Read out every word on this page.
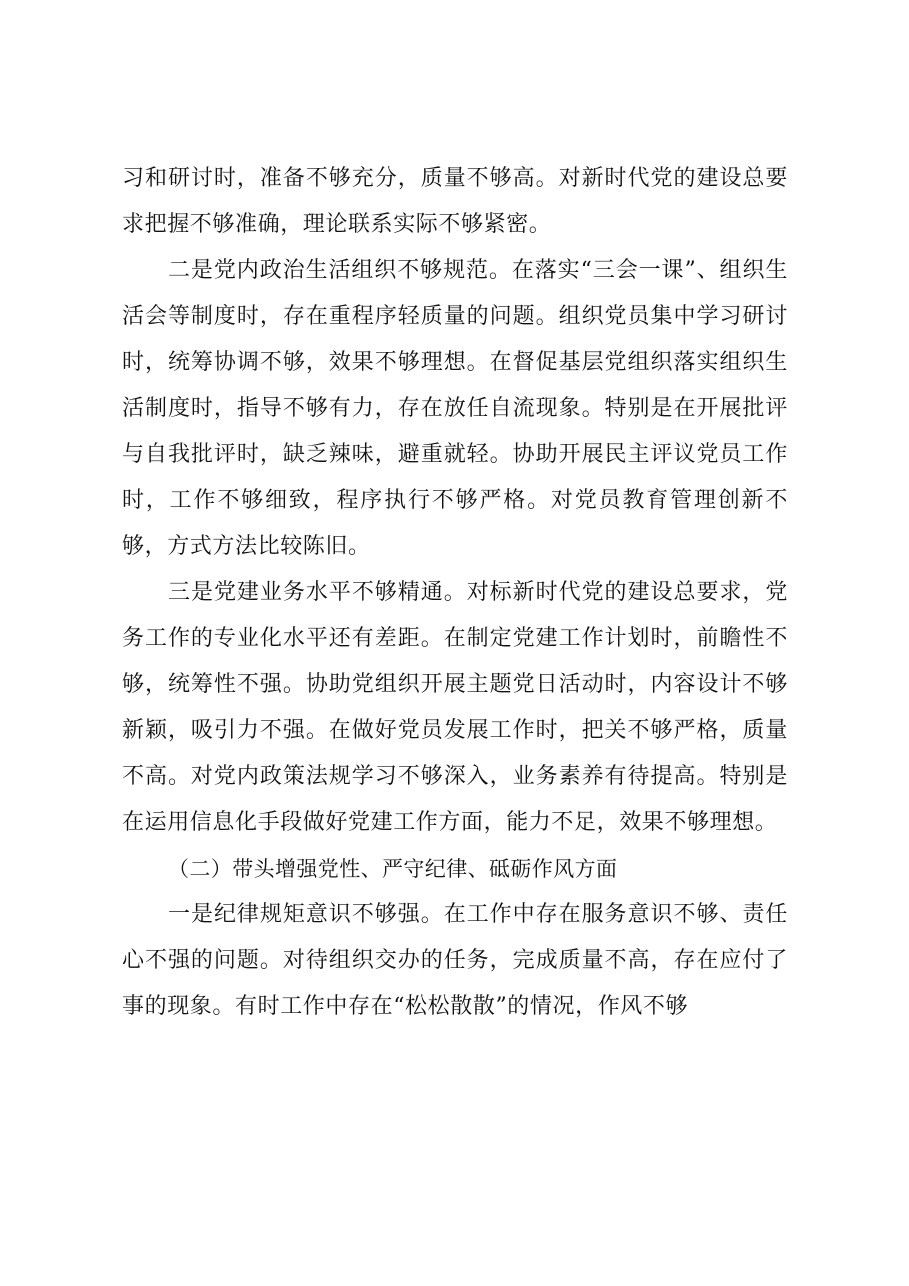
习和研讨时，准备不够充分，质量不够高。对新时代党的建设总要求把握不够准确，理论联系实际不够紧密。

二是党内政治生活组织不够规范。在落实“三会一课”、组织生活会等制度时，存在重程序轻质量的问题。组织党员集中学习研讨时，统筹协调不够，效果不够理想。在督促基层党组织落实组织生活制度时，指导不够有力，存在放任自流现象。特别是在开展批评与自我批评时，缺乏辣味，避重就轻。协助开展民主评议党员工作时，工作不够细致，程序执行不够严格。对党员教育管理创新不够，方式方法比较陈旧。

三是党建业务水平不够精通。对标新时代党的建设总要求，党务工作的专业化水平还有差距。在制定党建工作计划时，前瞻性不够，统筹性不强。协助党组织开展主题党日活动时，内容设计不够新颖，吸引力不强。在做好党员发展工作时，把关不够严格，质量不高。对党内政策法规学习不够深入，业务素养有待提高。特别是在运用信息化手段做好党建工作方面，能力不足，效果不够理想。

（二）带头增强党性、严守纪律、砥砺作风方面

一是纪律规矩意识不够强。在工作中存在服务意识不够、责任心不强的问题。对待组织交办的任务，完成质量不高，存在应付了事的现象。有时工作中存在“松松散散”的情况，作风不够
